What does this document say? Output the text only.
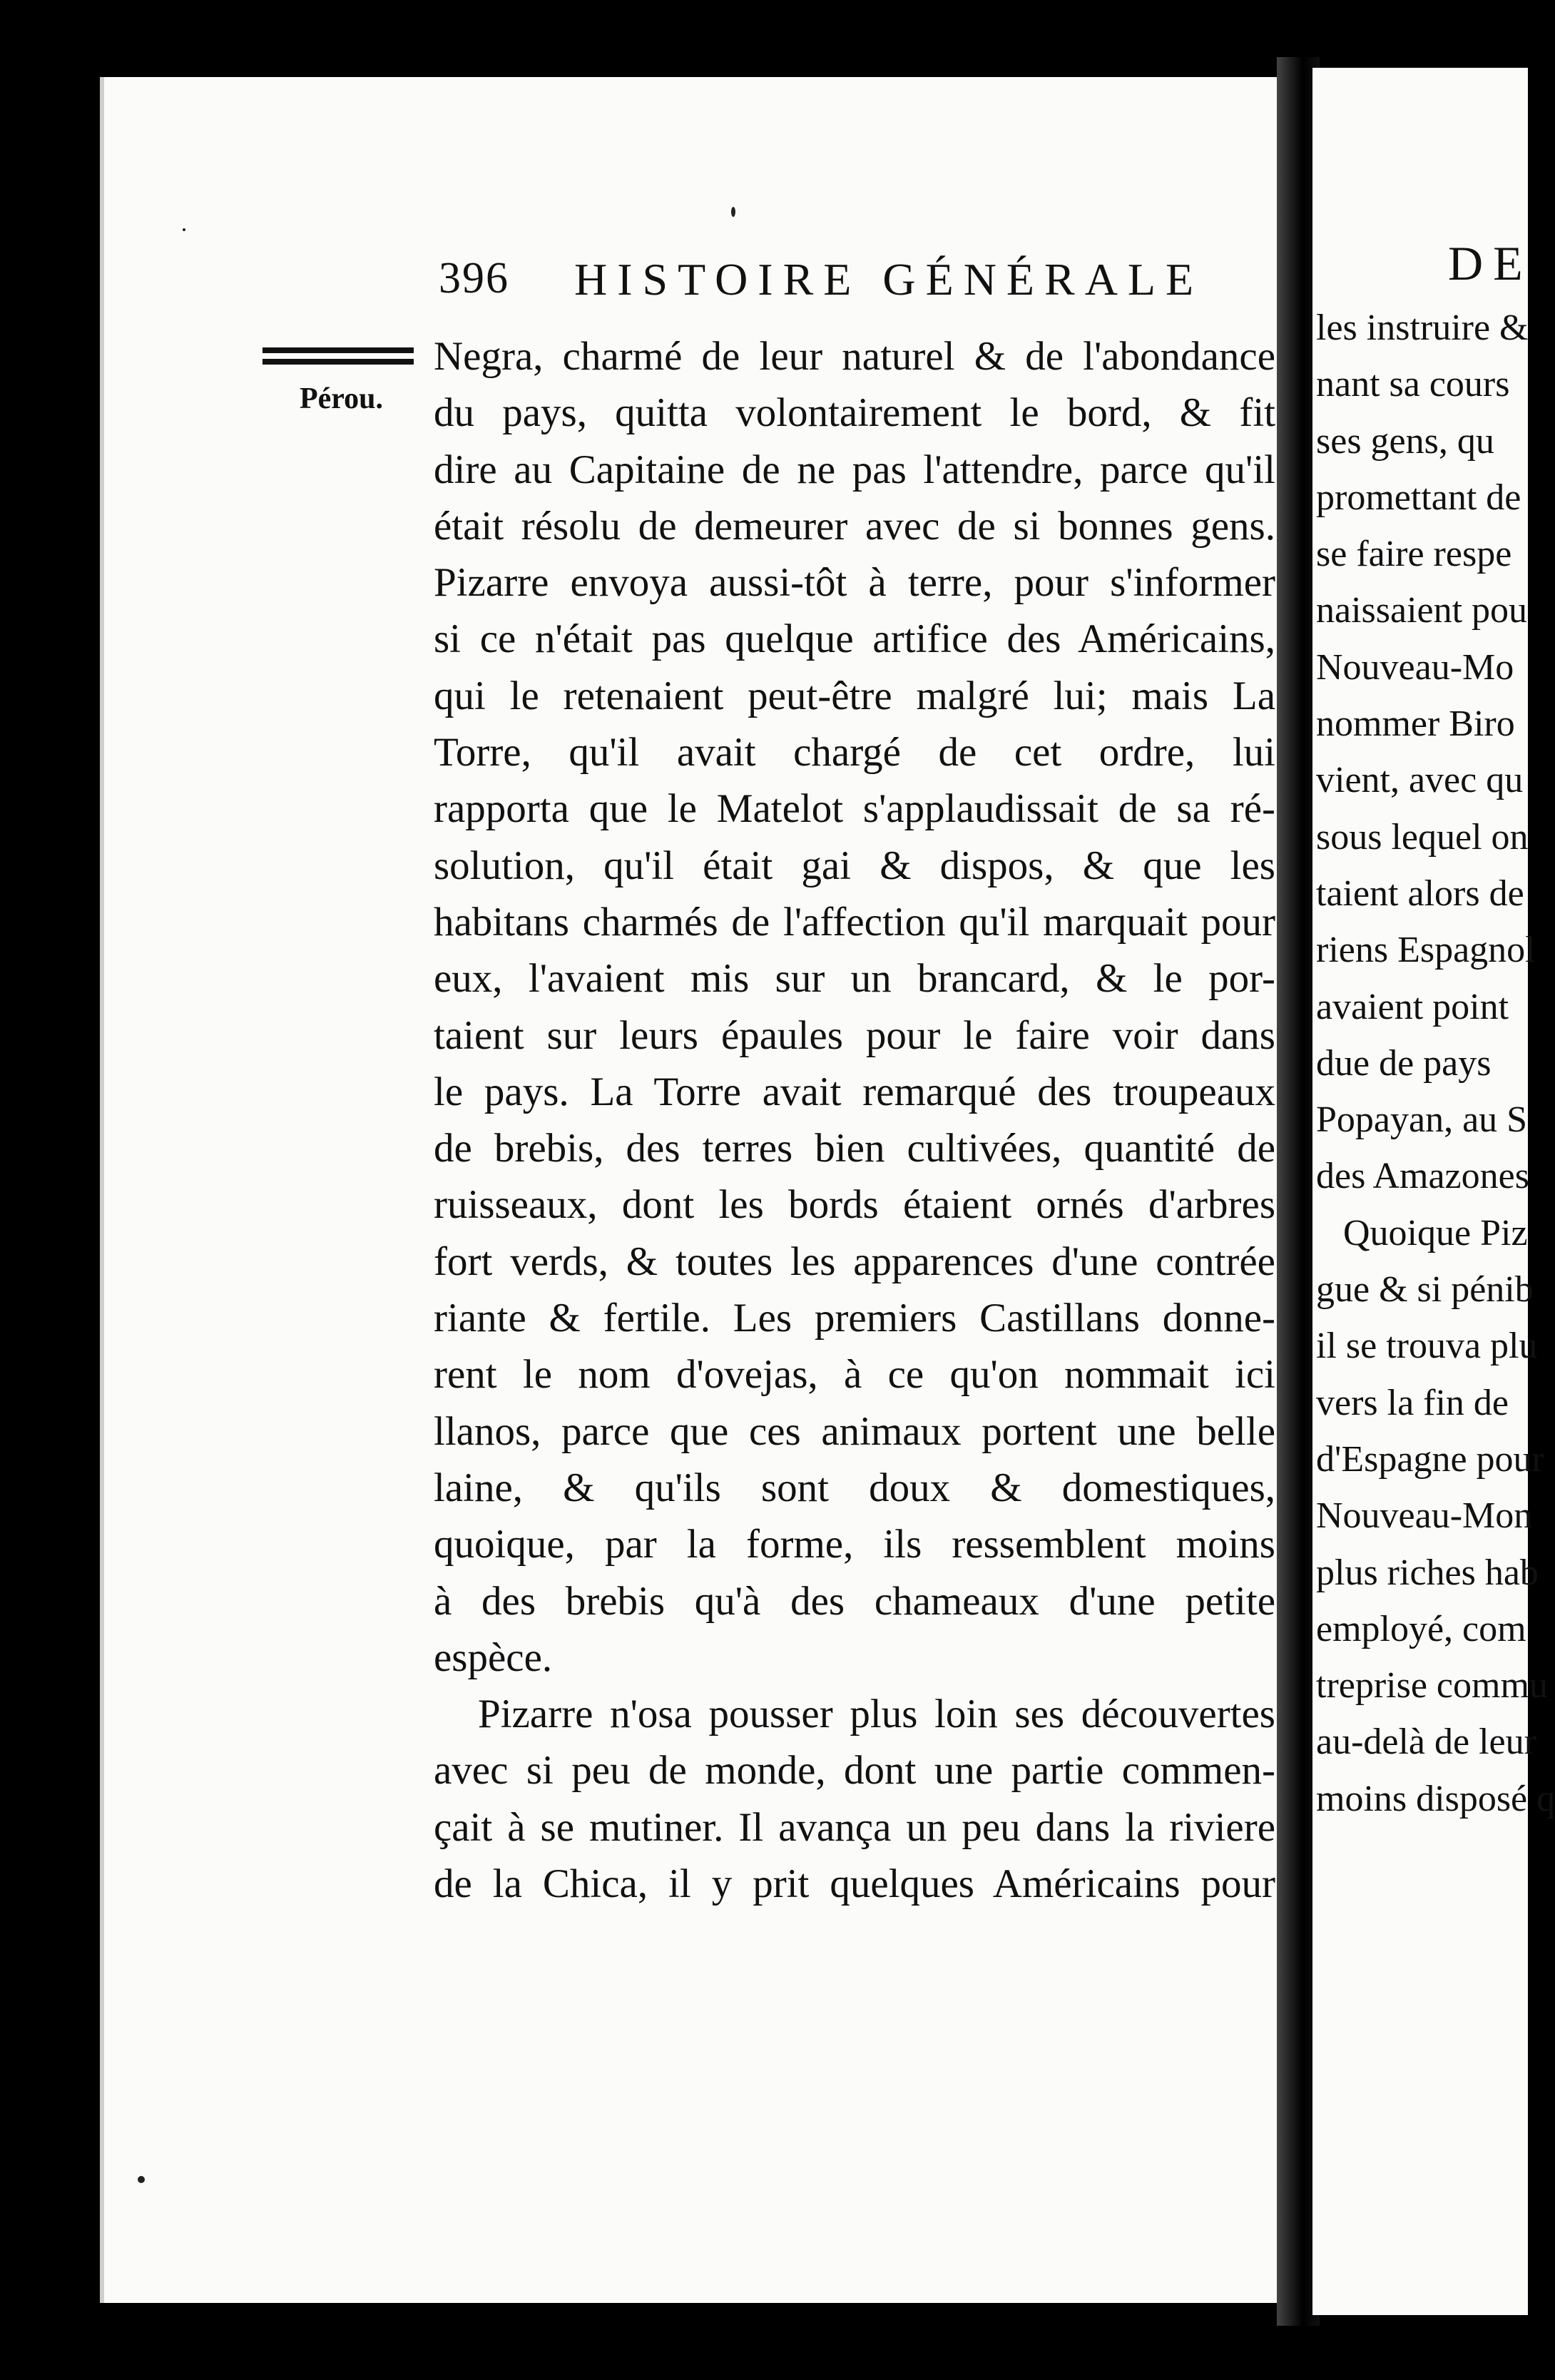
396 HISTOIRE GÉNÉRALE
Pérou.
Negra, charmé de leur naturel & de l'abondance
du pays, quitta volontairement le bord, & fit
dire au Capitaine de ne pas l'attendre, parce qu'il
était résolu de demeurer avec de si bonnes gens.
Pizarre envoya aussi-tôt à terre, pour s'informer
si ce n'était pas quelque artifice des Américains,
qui le retenaient peut-être malgré lui; mais La
Torre, qu'il avait chargé de cet ordre, lui
rapporta que le Matelot s'applaudissait de sa ré-
solution, qu'il était gai & dispos, & que les
habitans charmés de l'affection qu'il marquait pour
eux, l'avaient mis sur un brancard, & le por-
taient sur leurs épaules pour le faire voir dans
le pays. La Torre avait remarqué des troupeaux
de brebis, des terres bien cultivées, quantité de
ruisseaux, dont les bords étaient ornés d'arbres
fort verds, & toutes les apparences d'une contrée
riante & fertile. Les premiers Castillans donne-
rent le nom d'ovejas, à ce qu'on nommait ici
llanos, parce que ces animaux portent une belle
laine, & qu'ils sont doux & domestiques,
quoique, par la forme, ils ressemblent moins
à des brebis qu'à des chameaux d'une petite
espèce.
Pizarre n'osa pousser plus loin ses découvertes
avec si peu de monde, dont une partie commen-
çait à se mutiner. Il avança un peu dans la riviere
de la Chica, il y prit quelques Américains pour
DE
les instruire &
nant sa cours
ses gens, qu
promettant de
se faire respe
naissaient pou
Nouveau-Mo
nommer Biro
vient, avec qu
sous lequel on
taient alors de
riens Espagnol
avaient point
due de pays
Popayan, au S
des Amazones
Quoique Piz
gue & si pénib
il se trouva plu
vers la fin de
d'Espagne pour
Nouveau-Mon
plus riches hab
employé, com
treprise commu
au-delà de leur
moins disposé q
